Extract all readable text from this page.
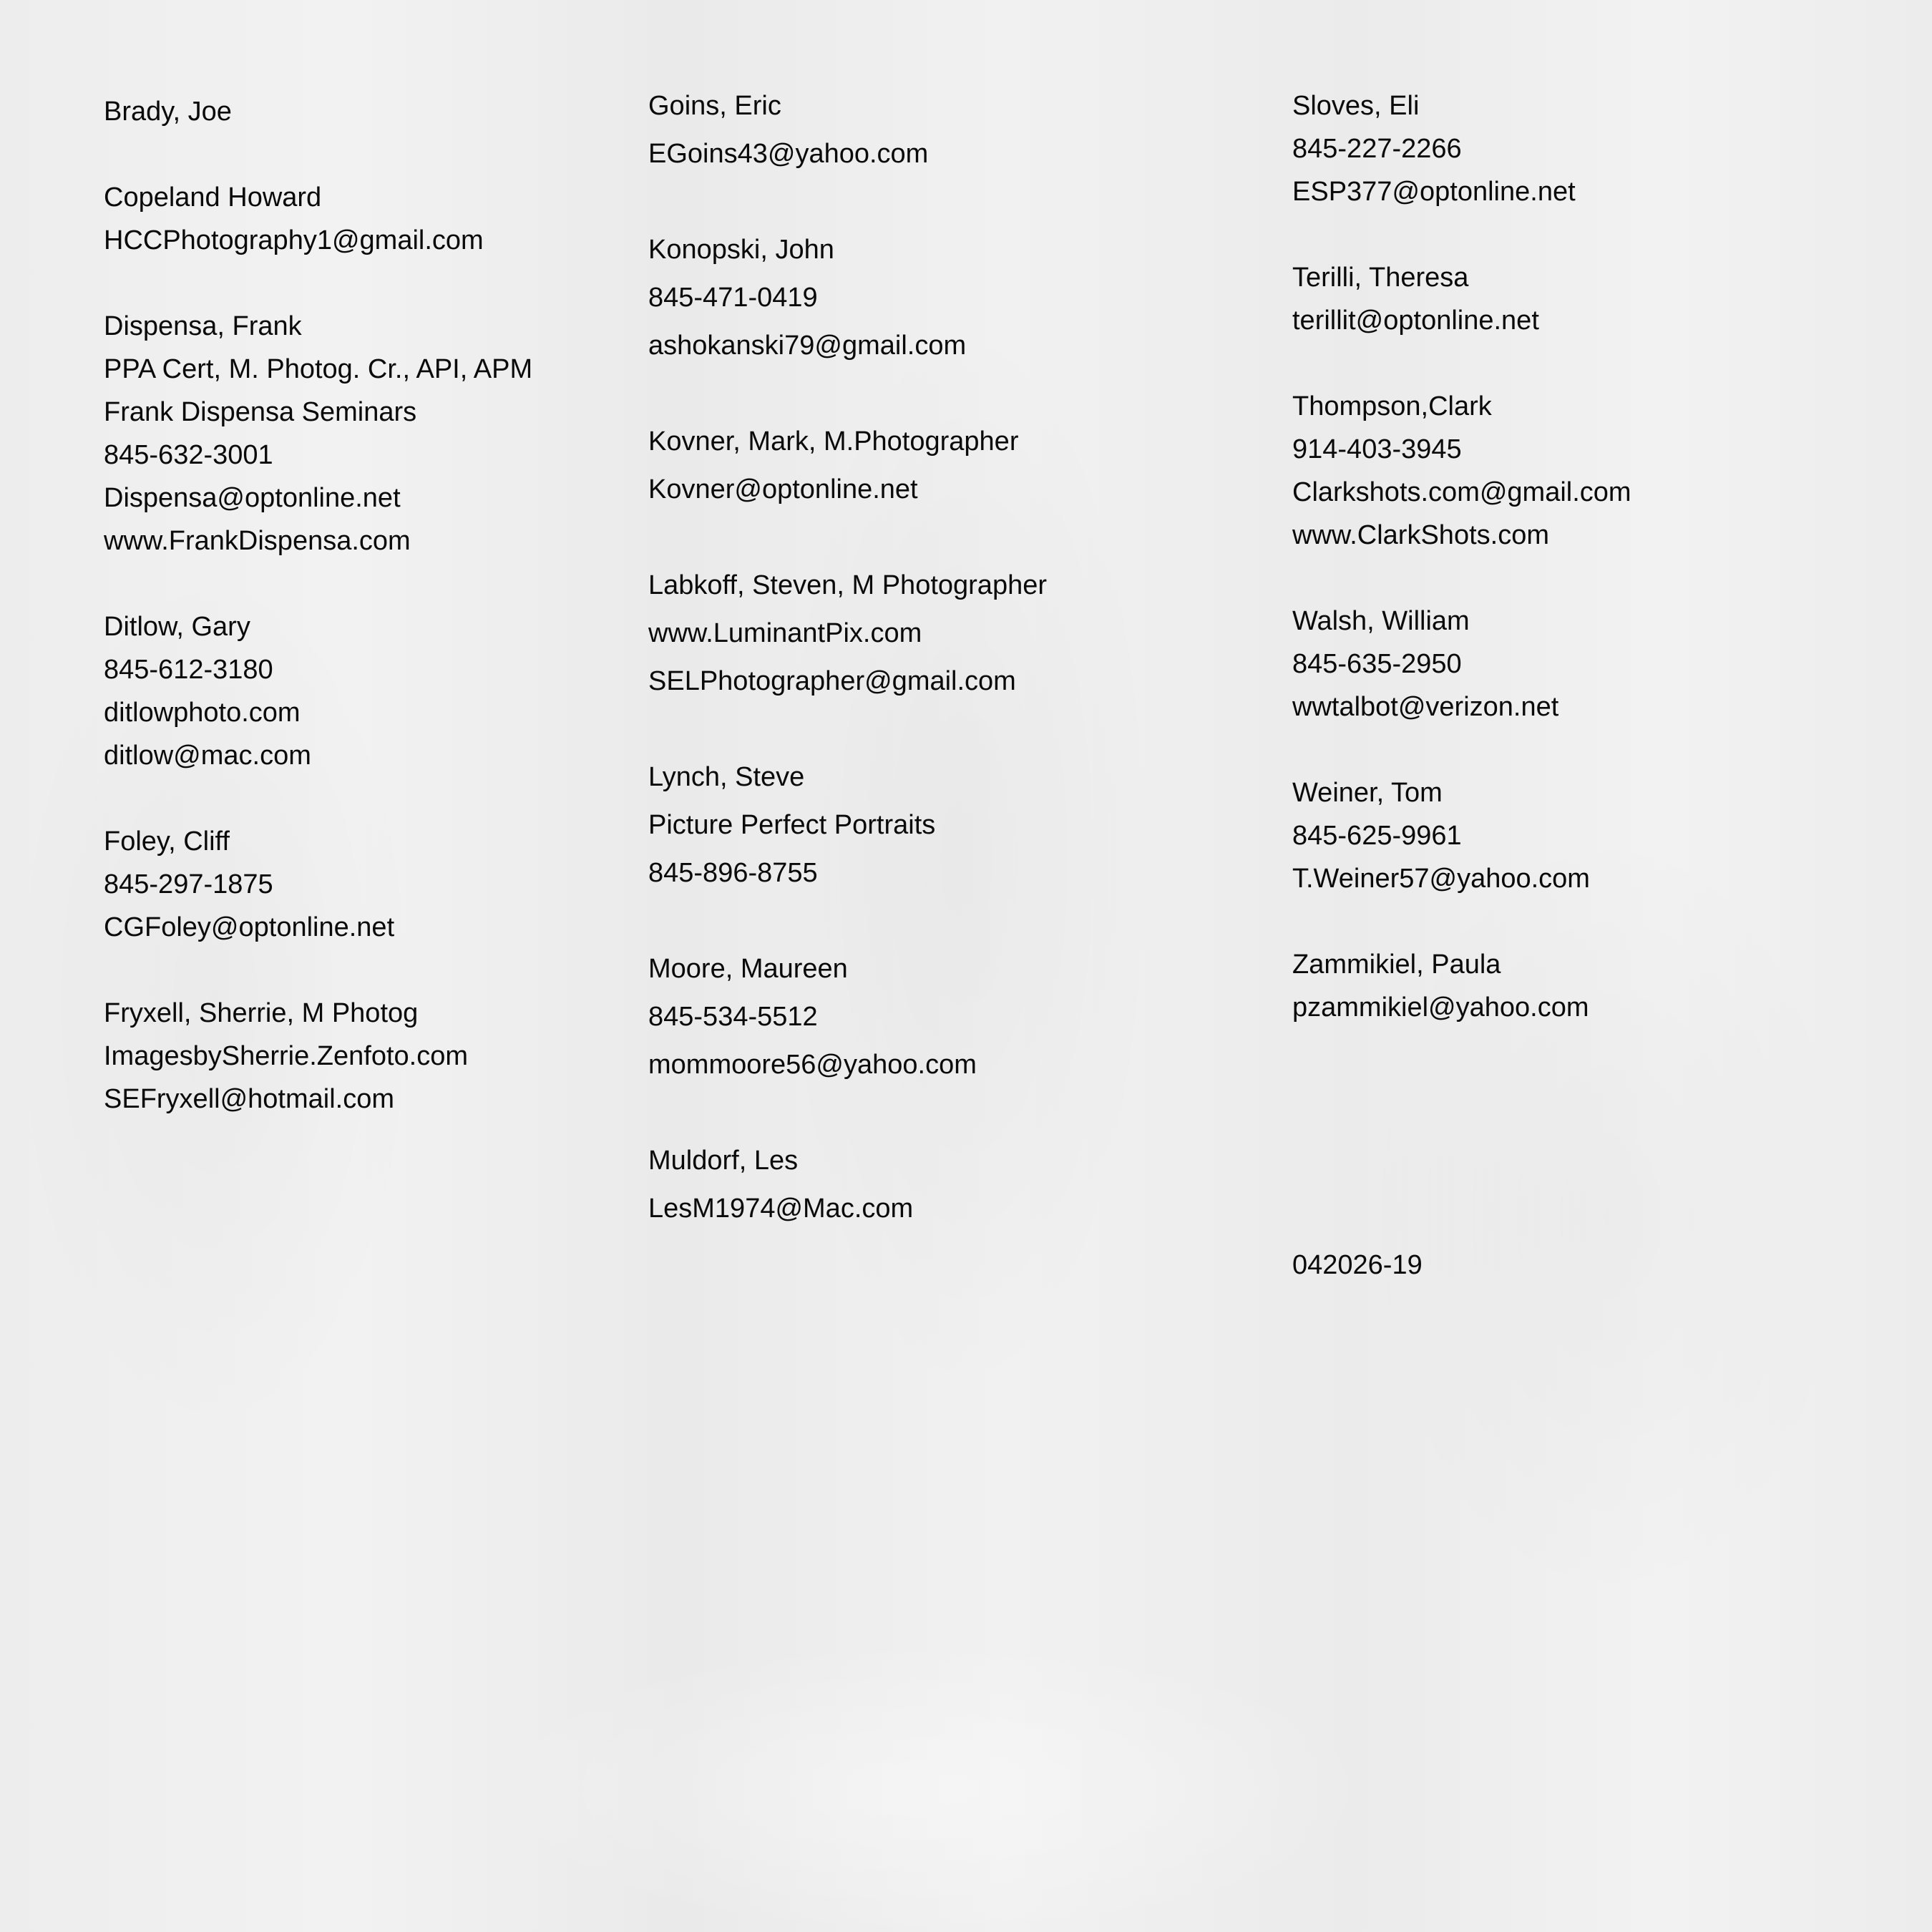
Brady, Joe
Copeland Howard
HCCPhotography1@gmail.com
Dispensa, Frank
PPA Cert, M. Photog. Cr., API, APM
Frank Dispensa Seminars
845-632-3001
Dispensa@optonline.net
www.FrankDispensa.com
Ditlow, Gary
845-612-3180
ditlowphoto.com
ditlow@mac.com
Foley, Cliff
845-297-1875
CGFoley@optonline.net
Fryxell, Sherrie, M Photog
ImagesbySherrie.Zenfoto.com
SEFryxell@hotmail.com
Goins, Eric
EGoins43@yahoo.com
Konopski, John
845-471-0419
ashokanski79@gmail.com
Kovner, Mark, M.Photographer
Kovner@optonline.net
Labkoff, Steven, M Photographer
www.LuminantPix.com
SELPhotographer@gmail.com
Lynch, Steve
Picture Perfect Portraits
845-896-8755
Moore, Maureen
845-534-5512
mommoore56@yahoo.com
Muldorf, Les
LesM1974@Mac.com
Sloves, Eli
845-227-2266
ESP377@optonline.net
Terilli, Theresa
terillit@optonline.net
Thompson,Clark
914-403-3945
Clarkshots.com@gmail.com
www.ClarkShots.com
Walsh, William
845-635-2950
wwtalbot@verizon.net
Weiner, Tom
845-625-9961
T.Weiner57@yahoo.com
Zammikiel, Paula
pzammikiel@yahoo.com
042026-19
